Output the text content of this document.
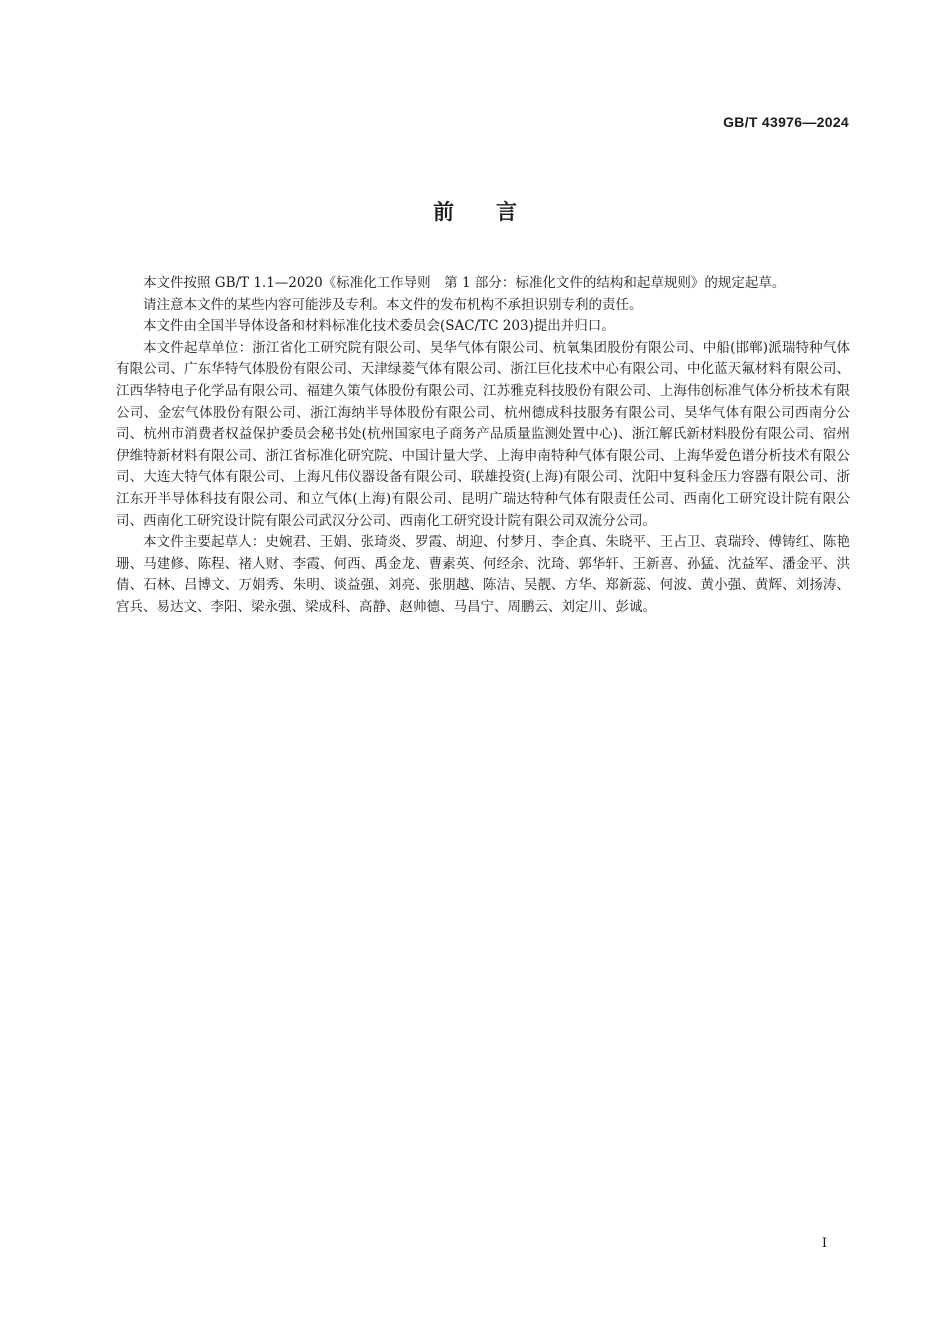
GB/T 43976—2024
前 言

本文件按照 GB/T 1.1—2020《标准化工作导则　第 1 部分：标准化文件的结构和起草规则》的规定起草。

请注意本文件的某些内容可能涉及专利。本文件的发布机构不承担识别专利的责任。

本文件由全国半导体设备和材料标准化技术委员会(SAC/TC 203)提出并归口。

本文件起草单位：浙江省化工研究院有限公司、昊华气体有限公司、杭氧集团股份有限公司、中船(邯郸)派瑞特种气体有限公司、广东华特气体股份有限公司、天津绿菱气体有限公司、浙江巨化技术中心有限公司、中化蓝天氟材料有限公司、江西华特电子化学品有限公司、福建久策气体股份有限公司、江苏雅克科技股份有限公司、上海伟创标准气体分析技术有限公司、金宏气体股份有限公司、浙江海纳半导体股份有限公司、杭州德成科技服务有限公司、昊华气体有限公司西南分公司、杭州市消费者权益保护委员会秘书处(杭州国家电子商务产品质量监测处置中心)、浙江解氏新材料股份有限公司、宿州伊维特新材料有限公司、浙江省标准化研究院、中国计量大学、上海申南特种气体有限公司、上海华爱色谱分析技术有限公司、大连大特气体有限公司、上海凡伟仪器设备有限公司、联雄投资(上海)有限公司、沈阳中复科金压力容器有限公司、浙江东开半导体科技有限公司、和立气体(上海)有限公司、昆明广瑞达特种气体有限责任公司、西南化工研究设计院有限公司、西南化工研究设计院有限公司武汉分公司、西南化工研究设计院有限公司双流分公司。

本文件主要起草人：史婉君、王娟、张琦炎、罗霞、胡迎、付梦月、李企真、朱晓平、王占卫、袁瑞玲、傅铸红、陈艳珊、马建修、陈程、褚人财、李霞、何西、禹金龙、曹素英、何经余、沈琦、郭华轩、王新喜、孙猛、沈益军、潘金平、洪倩、石林、吕博文、万娟秀、朱明、谈益强、刘亮、张朋越、陈洁、吴靓、方华、郑新蕊、何波、黄小强、黄辉、刘扬涛、宫兵、易达文、李阳、梁永强、梁成科、高静、赵帅德、马昌宁、周鹏云、刘定川、彭诚。

I
